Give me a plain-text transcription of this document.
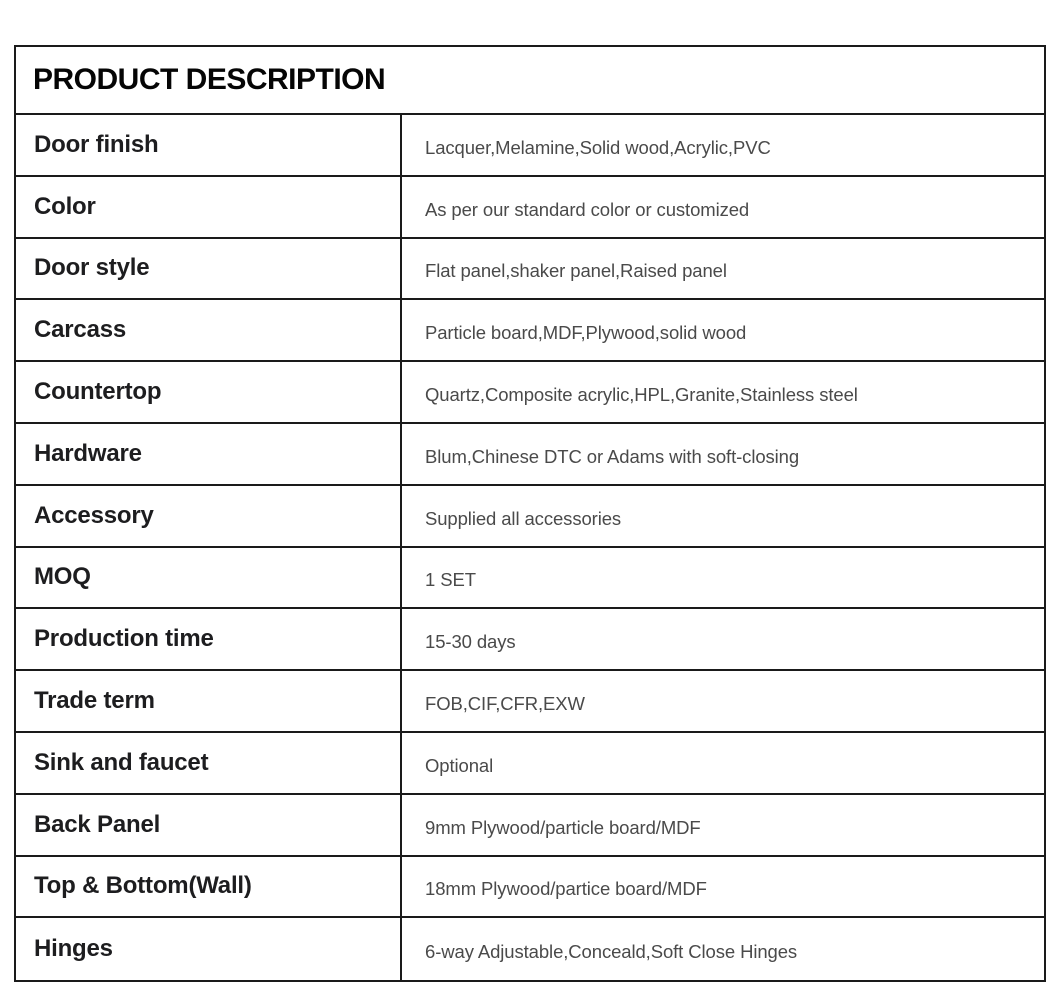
PRODUCT DESCRIPTION
Door finish	Lacquer,Melamine,Solid wood,Acrylic,PVC
Color	As per our standard color or customized
Door style	Flat panel,shaker panel,Raised panel
Carcass	Particle board,MDF,Plywood,solid wood
Countertop	Quartz,Composite acrylic,HPL,Granite,Stainless steel
Hardware	Blum,Chinese DTC or Adams with soft-closing
Accessory	Supplied all accessories
MOQ	1 SET
Production time	15-30 days
Trade term	FOB,CIF,CFR,EXW
Sink and faucet	Optional
Back Panel	9mm Plywood/particle board/MDF
Top & Bottom(Wall)	18mm Plywood/partice board/MDF
Hinges	6-way Adjustable,Conceald,Soft Close Hinges
